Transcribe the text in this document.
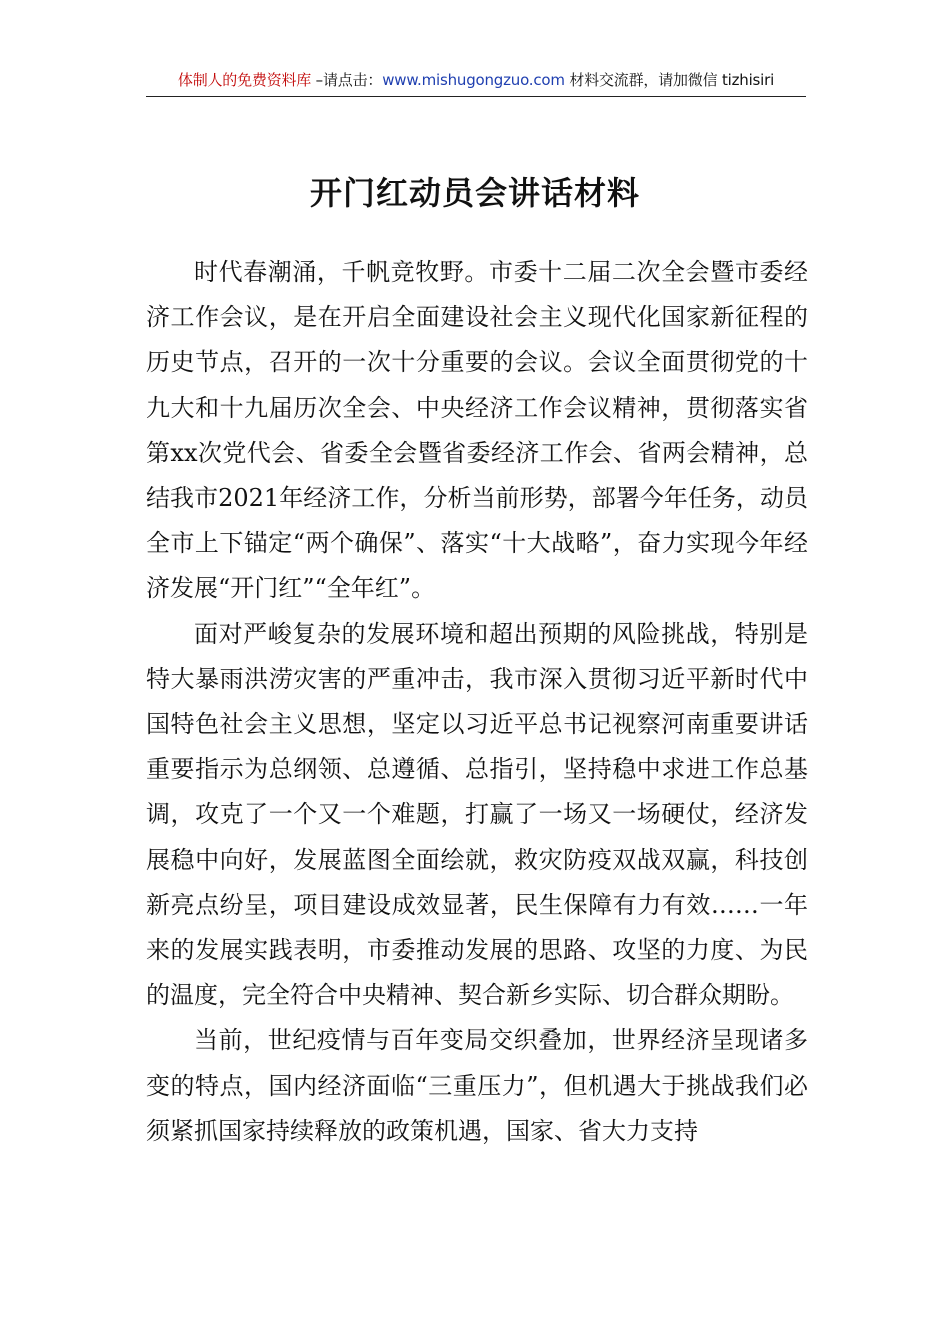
体制人的免费资料库 –请点击：www.mishugongzuo.com 材料交流群，请加微信 tizhisiri
开门红动员会讲话材料

时代春潮涌，千帆竞牧野。市委十二届二次全会暨市委经济工作会议，是在开启全面建设社会主义现代化国家新征程的历史节点，召开的一次十分重要的会议。会议全面贯彻党的十九大和十九届历次全会、中央经济工作会议精神，贯彻落实省第xx次党代会、省委全会暨省委经济工作会、省两会精神，总结我市2021年经济工作，分析当前形势，部署今年任务，动员全市上下锚定“两个确保”、落实“十大战略”，奋力实现今年经济发展“开门红”“全年红”。

面对严峻复杂的发展环境和超出预期的风险挑战，特别是特大暴雨洪涝灾害的严重冲击，我市深入贯彻习近平新时代中国特色社会主义思想，坚定以习近平总书记视察河南重要讲话重要指示为总纲领、总遵循、总指引，坚持稳中求进工作总基调，攻克了一个又一个难题，打赢了一场又一场硬仗，经济发展稳中向好，发展蓝图全面绘就，救灾防疫双战双赢，科技创新亮点纷呈，项目建设成效显著，民生保障有力有效……一年来的发展实践表明，市委推动发展的思路、攻坚的力度、为民的温度，完全符合中央精神、契合新乡实际、切合群众期盼。

当前，世纪疫情与百年变局交织叠加，世界经济呈现诸多变的特点，国内经济面临“三重压力”，但机遇大于挑战我们必须紧抓国家持续释放的政策机遇，国家、省大力支持
